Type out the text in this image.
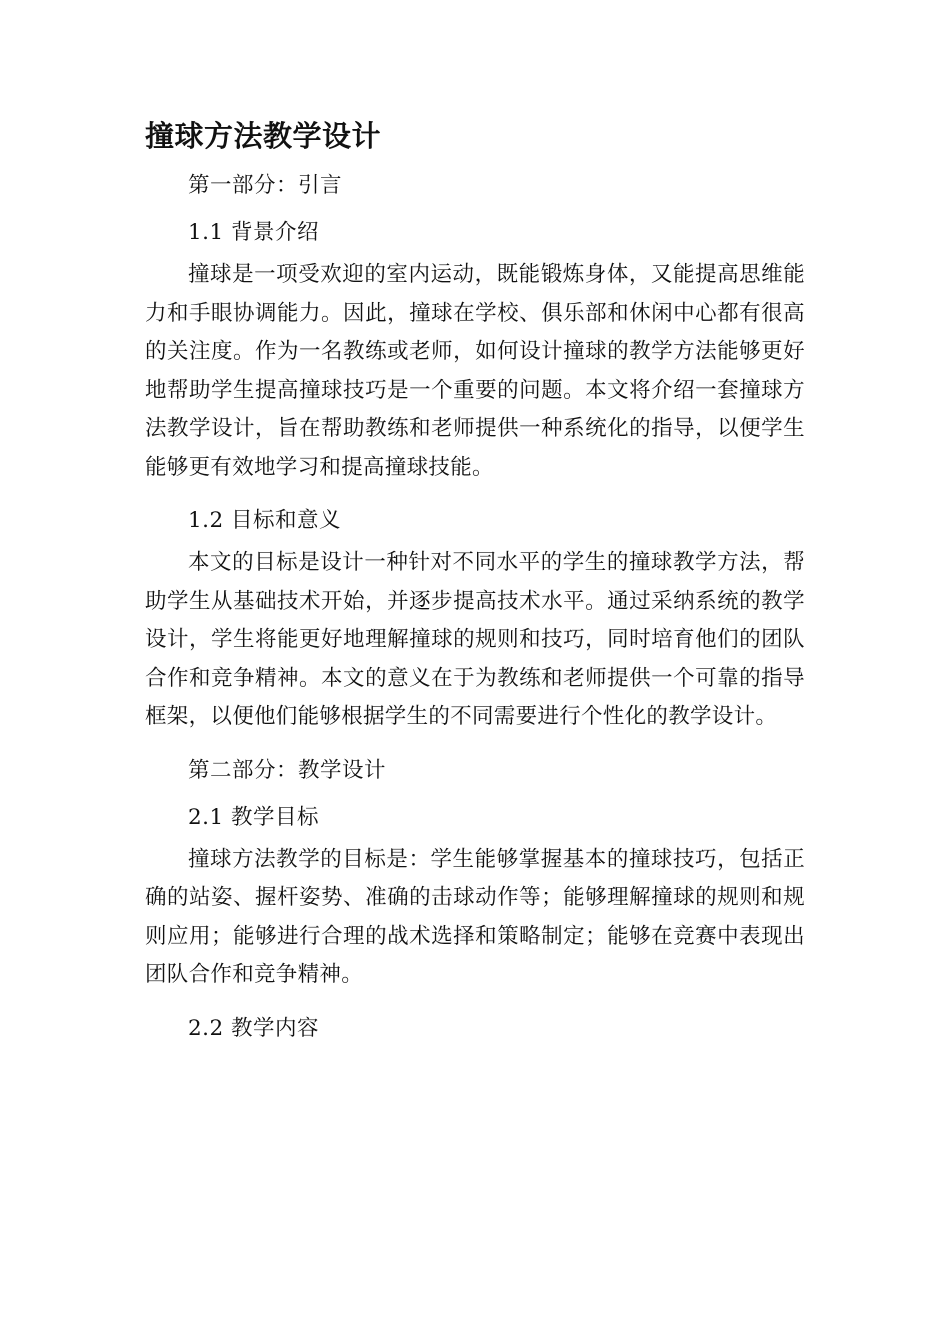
撞球方法教学设计

第一部分：引言

1.1 背景介绍

撞球是一项受欢迎的室内运动，既能锻炼身体，又能提高思维能力和手眼协调能力。因此，撞球在学校、俱乐部和休闲中心都有很高的关注度。作为一名教练或老师，如何设计撞球的教学方法能够更好地帮助学生提高撞球技巧是一个重要的问题。本文将介绍一套撞球方法教学设计，旨在帮助教练和老师提供一种系统化的指导，以便学生能够更有效地学习和提高撞球技能。

1.2 目标和意义

本文的目标是设计一种针对不同水平的学生的撞球教学方法，帮助学生从基础技术开始，并逐步提高技术水平。通过采纳系统的教学设计，学生将能更好地理解撞球的规则和技巧，同时培育他们的团队合作和竞争精神。本文的意义在于为教练和老师提供一个可靠的指导框架，以便他们能够根据学生的不同需要进行个性化的教学设计。

第二部分：教学设计

2.1 教学目标

撞球方法教学的目标是：学生能够掌握基本的撞球技巧，包括正确的站姿、握杆姿势、准确的击球动作等；能够理解撞球的规则和规则应用；能够进行合理的战术选择和策略制定；能够在竞赛中表现出团队合作和竞争精神。

2.2 教学内容
